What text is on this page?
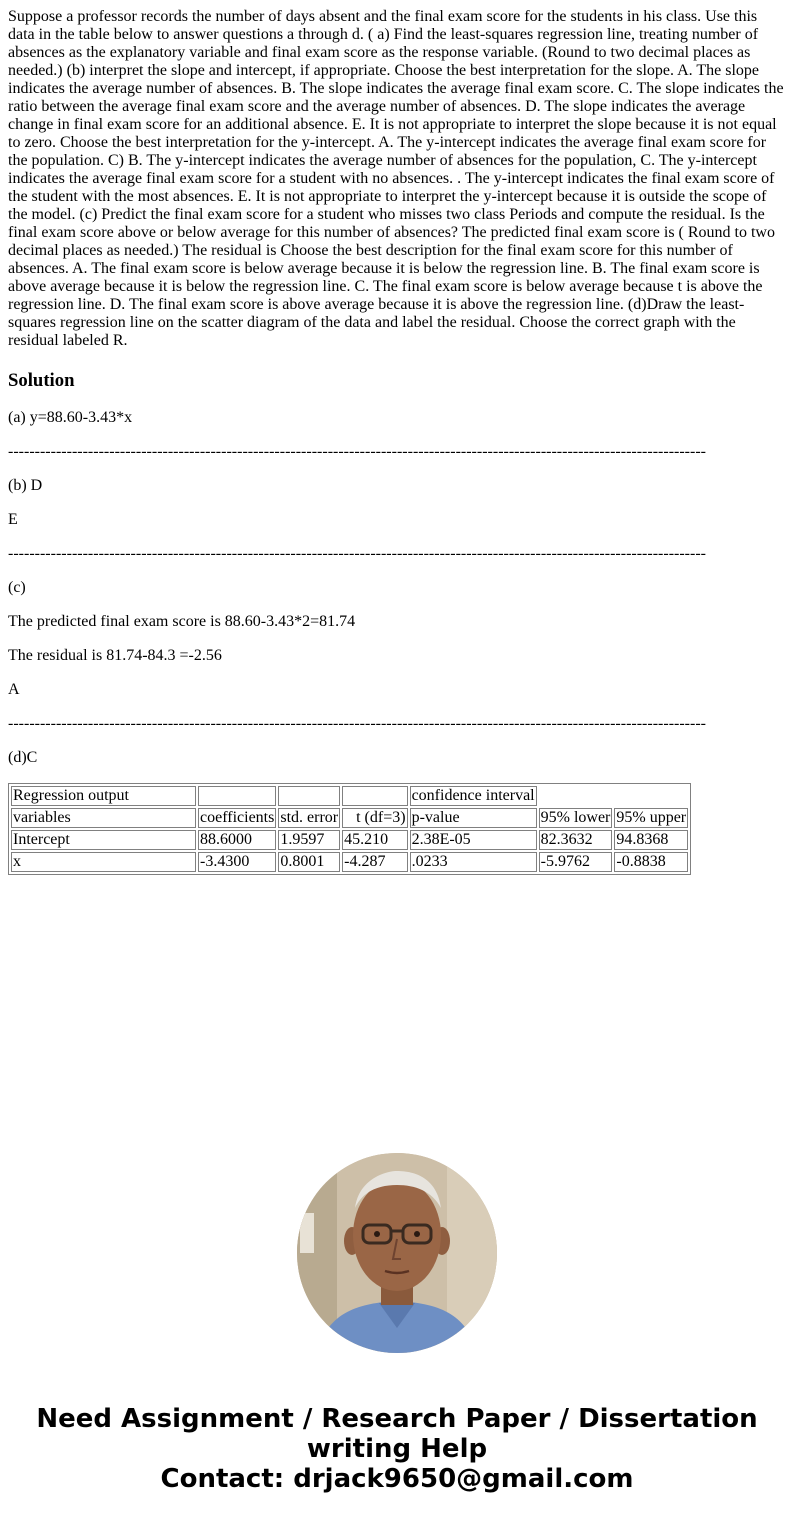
Suppose a professor records the number of days absent and the final exam score for the students in his class. Use this data in the table below to answer questions a through d. ( a) Find the least-squares regression line, treating number of absences as the explanatory variable and final exam score as the response variable. (Round to two decimal places as needed.) (b) interpret the slope and intercept, if appropriate. Choose the best interpretation for the slope. A. The slope indicates the average number of absences. B. The slope indicates the average final exam score. C. The slope indicates the ratio between the average final exam score and the average number of absences. D. The slope indicates the average change in final exam score for an additional absence. E. It is not appropriate to interpret the slope because it is not equal to zero. Choose the best interpretation for the y-intercept. A. The y-intercept indicates the average final exam score for the population. C) B. The y-intercept indicates the average number of absences for the population, C. The y-intercept indicates the average final exam score for a student with no absences. . The y-intercept indicates the final exam score of the student with the most absences. E. It is not appropriate to interpret the y-intercept because it is outside the scope of the model. (c) Predict the final exam score for a student who misses two class Periods and compute the residual. Is the final exam score above or below average for this number of absences? The predicted final exam score is ( Round to two decimal places as needed.) The residual is Choose the best description for the final exam score for this number of absences. A. The final exam score is below average because it is below the regression line. B. The final exam score is above average because it is below the regression line. C. The final exam score is below average because t is above the regression line. D. The final exam score is above average because it is above the regression line. (d)Draw the least-squares regression line on the scatter diagram of the data and label the residual. Choose the correct graph with the residual labeled R.

Solution

(a) y=88.60-3.43*x

-----------------------------------------------------------------------------------------------------------------------------------

(b) D

E

-----------------------------------------------------------------------------------------------------------------------------------

(c)

The predicted final exam score is 88.60-3.43*2=81.74

The residual is 81.74-84.3 =-2.56

A

-----------------------------------------------------------------------------------------------------------------------------------

(d)C

Regression output				confidence interval		
variables	coefficients	std. error	t (df=3)	p-value	95% lower	95% upper
Intercept	88.6000	1.9597	45.210	2.38E-05	82.3632	94.8368
x	-3.4300	0.8001	-4.287	.0233	-5.9762	-0.8838
Need Assignment / Research Paper / Dissertation
writing Help
Contact: drjack9650@gmail.com
